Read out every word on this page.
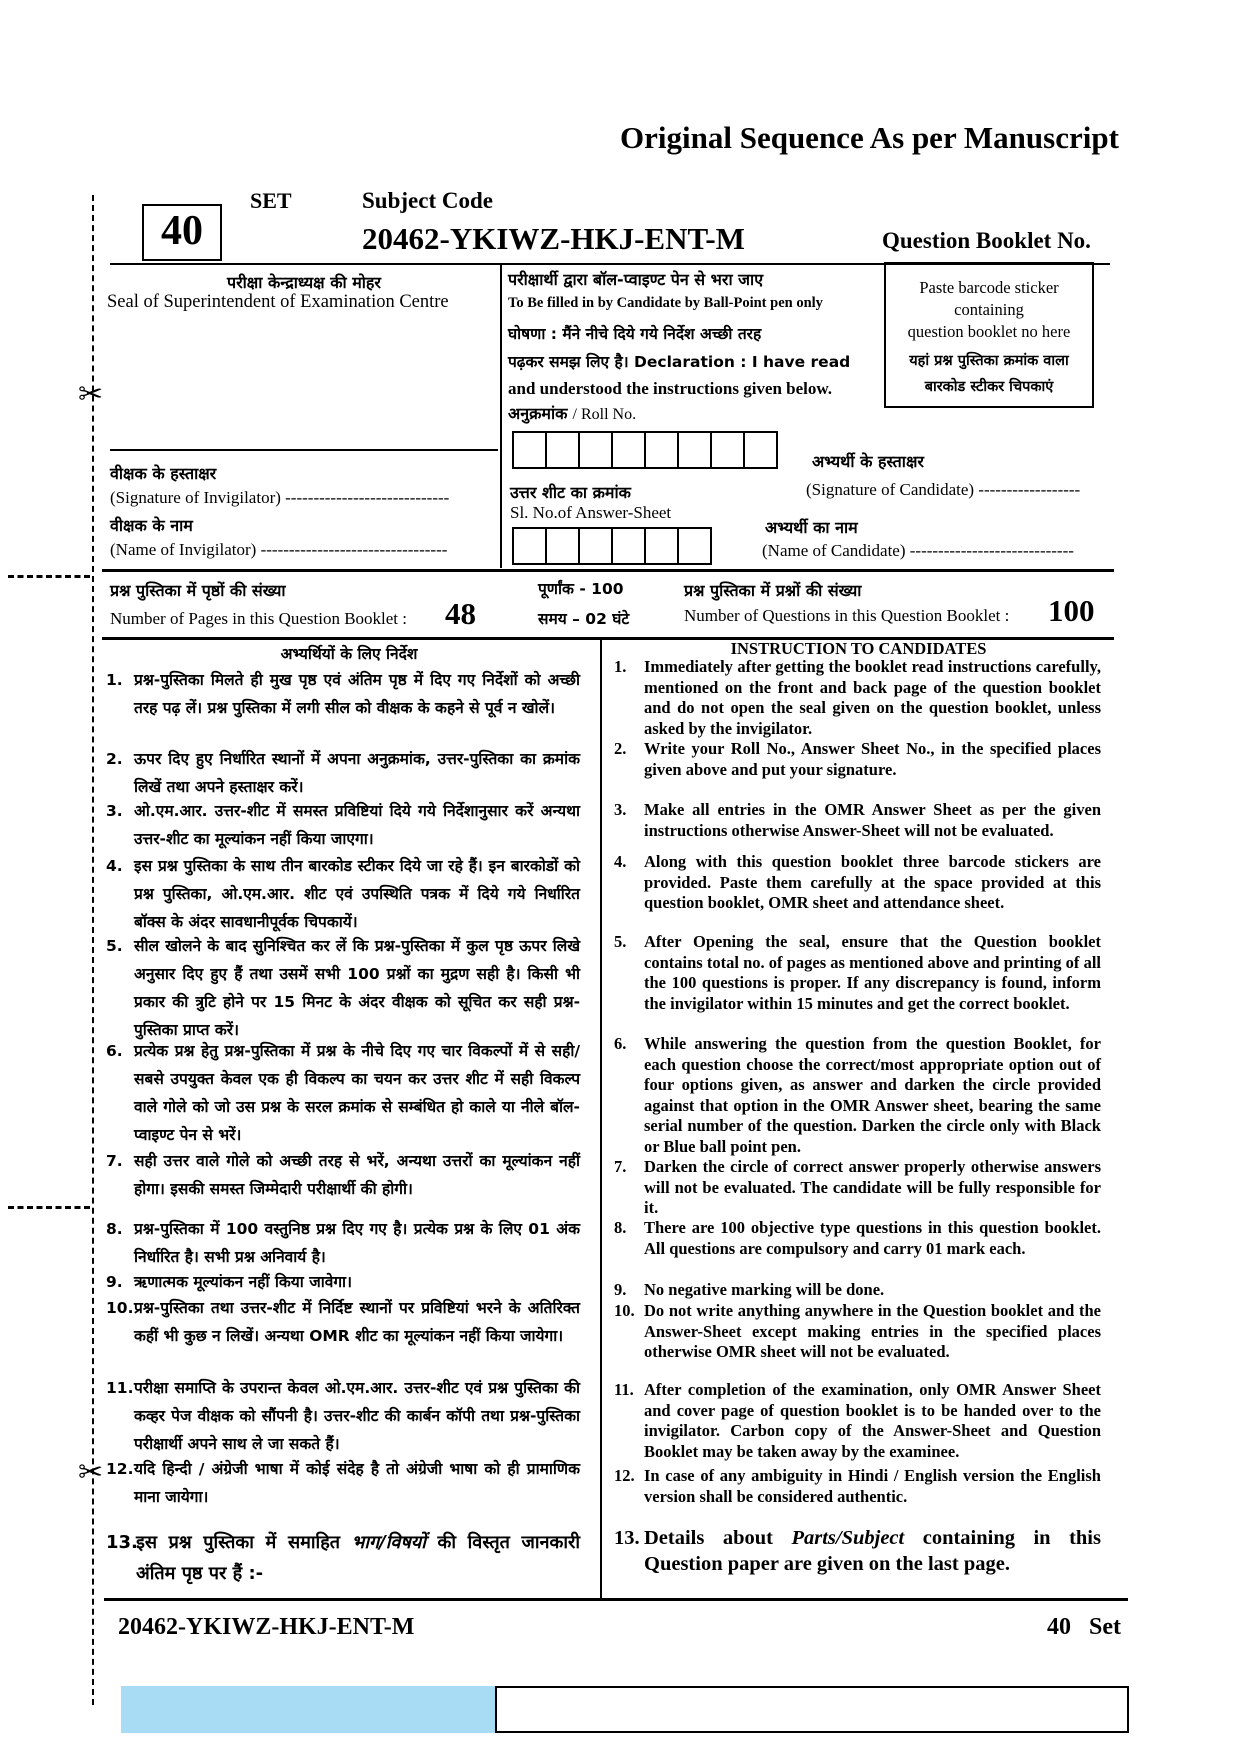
✂
✂
Original Sequence As per Manuscript
SET	Subject Code
40	20462-YKIWZ-HKJ-ENT-M	Question Booklet No.
परीक्षा केन्द्राध्यक्ष की मोहर
Seal of Superintendent of Examination Centre
परीक्षार्थी द्वारा बॉल-प्वाइण्ट पेन से भरा जाए
To Be filled in by Candidate by Ball-Point pen only
घोषणा : मैंने नीचे दिये गये निर्देश अच्छी तरह
पढ़कर समझ लिए है। Declaration : I have read
and understood the instructions given below.
अनुक्रमांक / Roll No.
Paste barcode sticker
containing
question booklet no here
यहां प्रश्न पुस्तिका क्रमांक वाला
बारकोड स्टीकर चिपकाएं
वीक्षक के हस्ताक्षर
(Signature of Invigilator) -----------------------------
वीक्षक के नाम
(Name of Invigilator) ---------------------------------
उत्तर शीट का क्रमांक
Sl. No.of Answer-Sheet
अभ्यर्थी के हस्ताक्षर
(Signature of Candidate) ------------------
अभ्यर्थी का नाम
(Name of Candidate) -----------------------------
प्रश्न पुस्तिका में पृष्ठों की संख्या
Number of Pages in this Question Booklet : 48
पूर्णांक - 100
समय – 02 घंटे
प्रश्न पुस्तिका में प्रश्नों की संख्या
Number of Questions in this Question Booklet : 100
अभ्यर्थियों के लिए निर्देश	INSTRUCTION TO CANDIDATES
1. प्रश्न-पुस्तिका मिलते ही मुख पृष्ठ एवं अंतिम पृष्ठ में दिए गए निर्देशों को अच्छी तरह पढ़ लें। प्रश्न पुस्तिका में लगी सील को वीक्षक के कहने से पूर्व न खोलें।
2. ऊपर दिए हुए निर्धारित स्थानों में अपना अनुक्रमांक, उत्तर-पुस्तिका का क्रमांक लिखें तथा अपने हस्ताक्षर करें।
3. ओ.एम.आर. उत्तर-शीट में समस्त प्रविष्टियां दिये गये निर्देशानुसार करें अन्यथा उत्तर-शीट का मूल्यांकन नहीं किया जाएगा।
4. इस प्रश्न पुस्तिका के साथ तीन बारकोड स्टीकर दिये जा रहे हैं। इन बारकोडों को प्रश्न पुस्तिका, ओ.एम.आर. शीट एवं उपस्थिति पत्रक में दिये गये निर्धारित बॉक्स के अंदर सावधानीपूर्वक चिपकायें।
5. सील खोलने के बाद सुनिश्चित कर लें कि प्रश्न-पुस्तिका में कुल पृष्ठ ऊपर लिखे अनुसार दिए हुए हैं तथा उसमें सभी 100 प्रश्नों का मुद्रण सही है। किसी भी प्रकार की त्रुटि होने पर 15 मिनट के अंदर वीक्षक को सूचित कर सही प्रश्न-पुस्तिका प्राप्त करें।
6. प्रत्येक प्रश्न हेतु प्रश्न-पुस्तिका में प्रश्न के नीचे दिए गए चार विकल्पों में से सही/सबसे उपयुक्त केवल एक ही विकल्प का चयन कर उत्तर शीट में सही विकल्प वाले गोले को जो उस प्रश्न के सरल क्रमांक से सम्बंधित हो काले या नीले बॉल-प्वाइण्ट पेन से भरें।
7. सही उत्तर वाले गोले को अच्छी तरह से भरें, अन्यथा उत्तरों का मूल्यांकन नहीं होगा। इसकी समस्त जिम्मेदारी परीक्षार्थी की होगी।
8. प्रश्न-पुस्तिका में 100 वस्तुनिष्ठ प्रश्न दिए गए है। प्रत्येक प्रश्न के लिए 01 अंक निर्धारित है। सभी प्रश्न अनिवार्य है।
9. ऋणात्मक मूल्यांकन नहीं किया जावेगा।
10. प्रश्न-पुस्तिका तथा उत्तर-शीट में निर्दिष्ट स्थानों पर प्रविष्टियां भरने के अतिरिक्त कहीं भी कुछ न लिखें। अन्यथा OMR शीट का मूल्यांकन नहीं किया जायेगा।
11. परीक्षा समाप्ति के उपरान्त केवल ओ.एम.आर. उत्तर-शीट एवं प्रश्न पुस्तिका की कव्हर पेज वीक्षक को सौंपनी है। उत्तर-शीट की कार्बन कॉपी तथा प्रश्न-पुस्तिका परीक्षार्थी अपने साथ ले जा सकते हैं।
12. यदि हिन्दी / अंग्रेजी भाषा में कोई संदेह है तो अंग्रेजी भाषा को ही प्रामाणिक माना जायेगा।
13.
इस प्रश्न पुस्तिका में समाहित भाग/विषयों की विस्तृत जानकारी अंतिम पृष्ठ पर हैं :-
1. Immediately after getting the booklet read instructions carefully, mentioned on the front and back page of the question booklet and do not open the seal given on the question booklet, unless asked by the invigilator.
2. Write your Roll No., Answer Sheet No., in the specified places given above and put your signature.
3. Make all entries in the OMR Answer Sheet as per the given instructions otherwise Answer-Sheet will not be evaluated.
4. Along with this question booklet three barcode stickers are provided. Paste them carefully at the space provided at this question booklet, OMR sheet and attendance sheet.
5. After Opening the seal, ensure that the Question booklet contains total no. of pages as mentioned above and printing of all the 100 questions is proper. If any discrepancy is found, inform the invigilator within 15 minutes and get the correct booklet.
6. While answering the question from the question Booklet, for each question choose the correct/most appropriate option out of four options given, as answer and darken the circle provided against that option in the OMR Answer sheet, bearing the same serial number of the question. Darken the circle only with Black or Blue ball point pen.
7. Darken the circle of correct answer properly otherwise answers will not be evaluated. The candidate will be fully responsible for it.
8. There are 100 objective type questions in this question booklet. All questions are compulsory and carry 01 mark each.
9. No negative marking will be done.
10. Do not write anything anywhere in the Question booklet and the Answer-Sheet except making entries in the specified places otherwise OMR sheet will not be evaluated.
11. After completion of the examination, only OMR Answer Sheet and cover page of question booklet is to be handed over to the invigilator. Carbon copy of the Answer-Sheet and Question Booklet may be taken away by the examinee.
12. In case of any ambiguity in Hindi / English version the English version shall be considered authentic.
13. Details about Parts/Subject containing in this Question paper are given on the last page.
20462-YKIWZ-HKJ-ENT-M	40   Set
